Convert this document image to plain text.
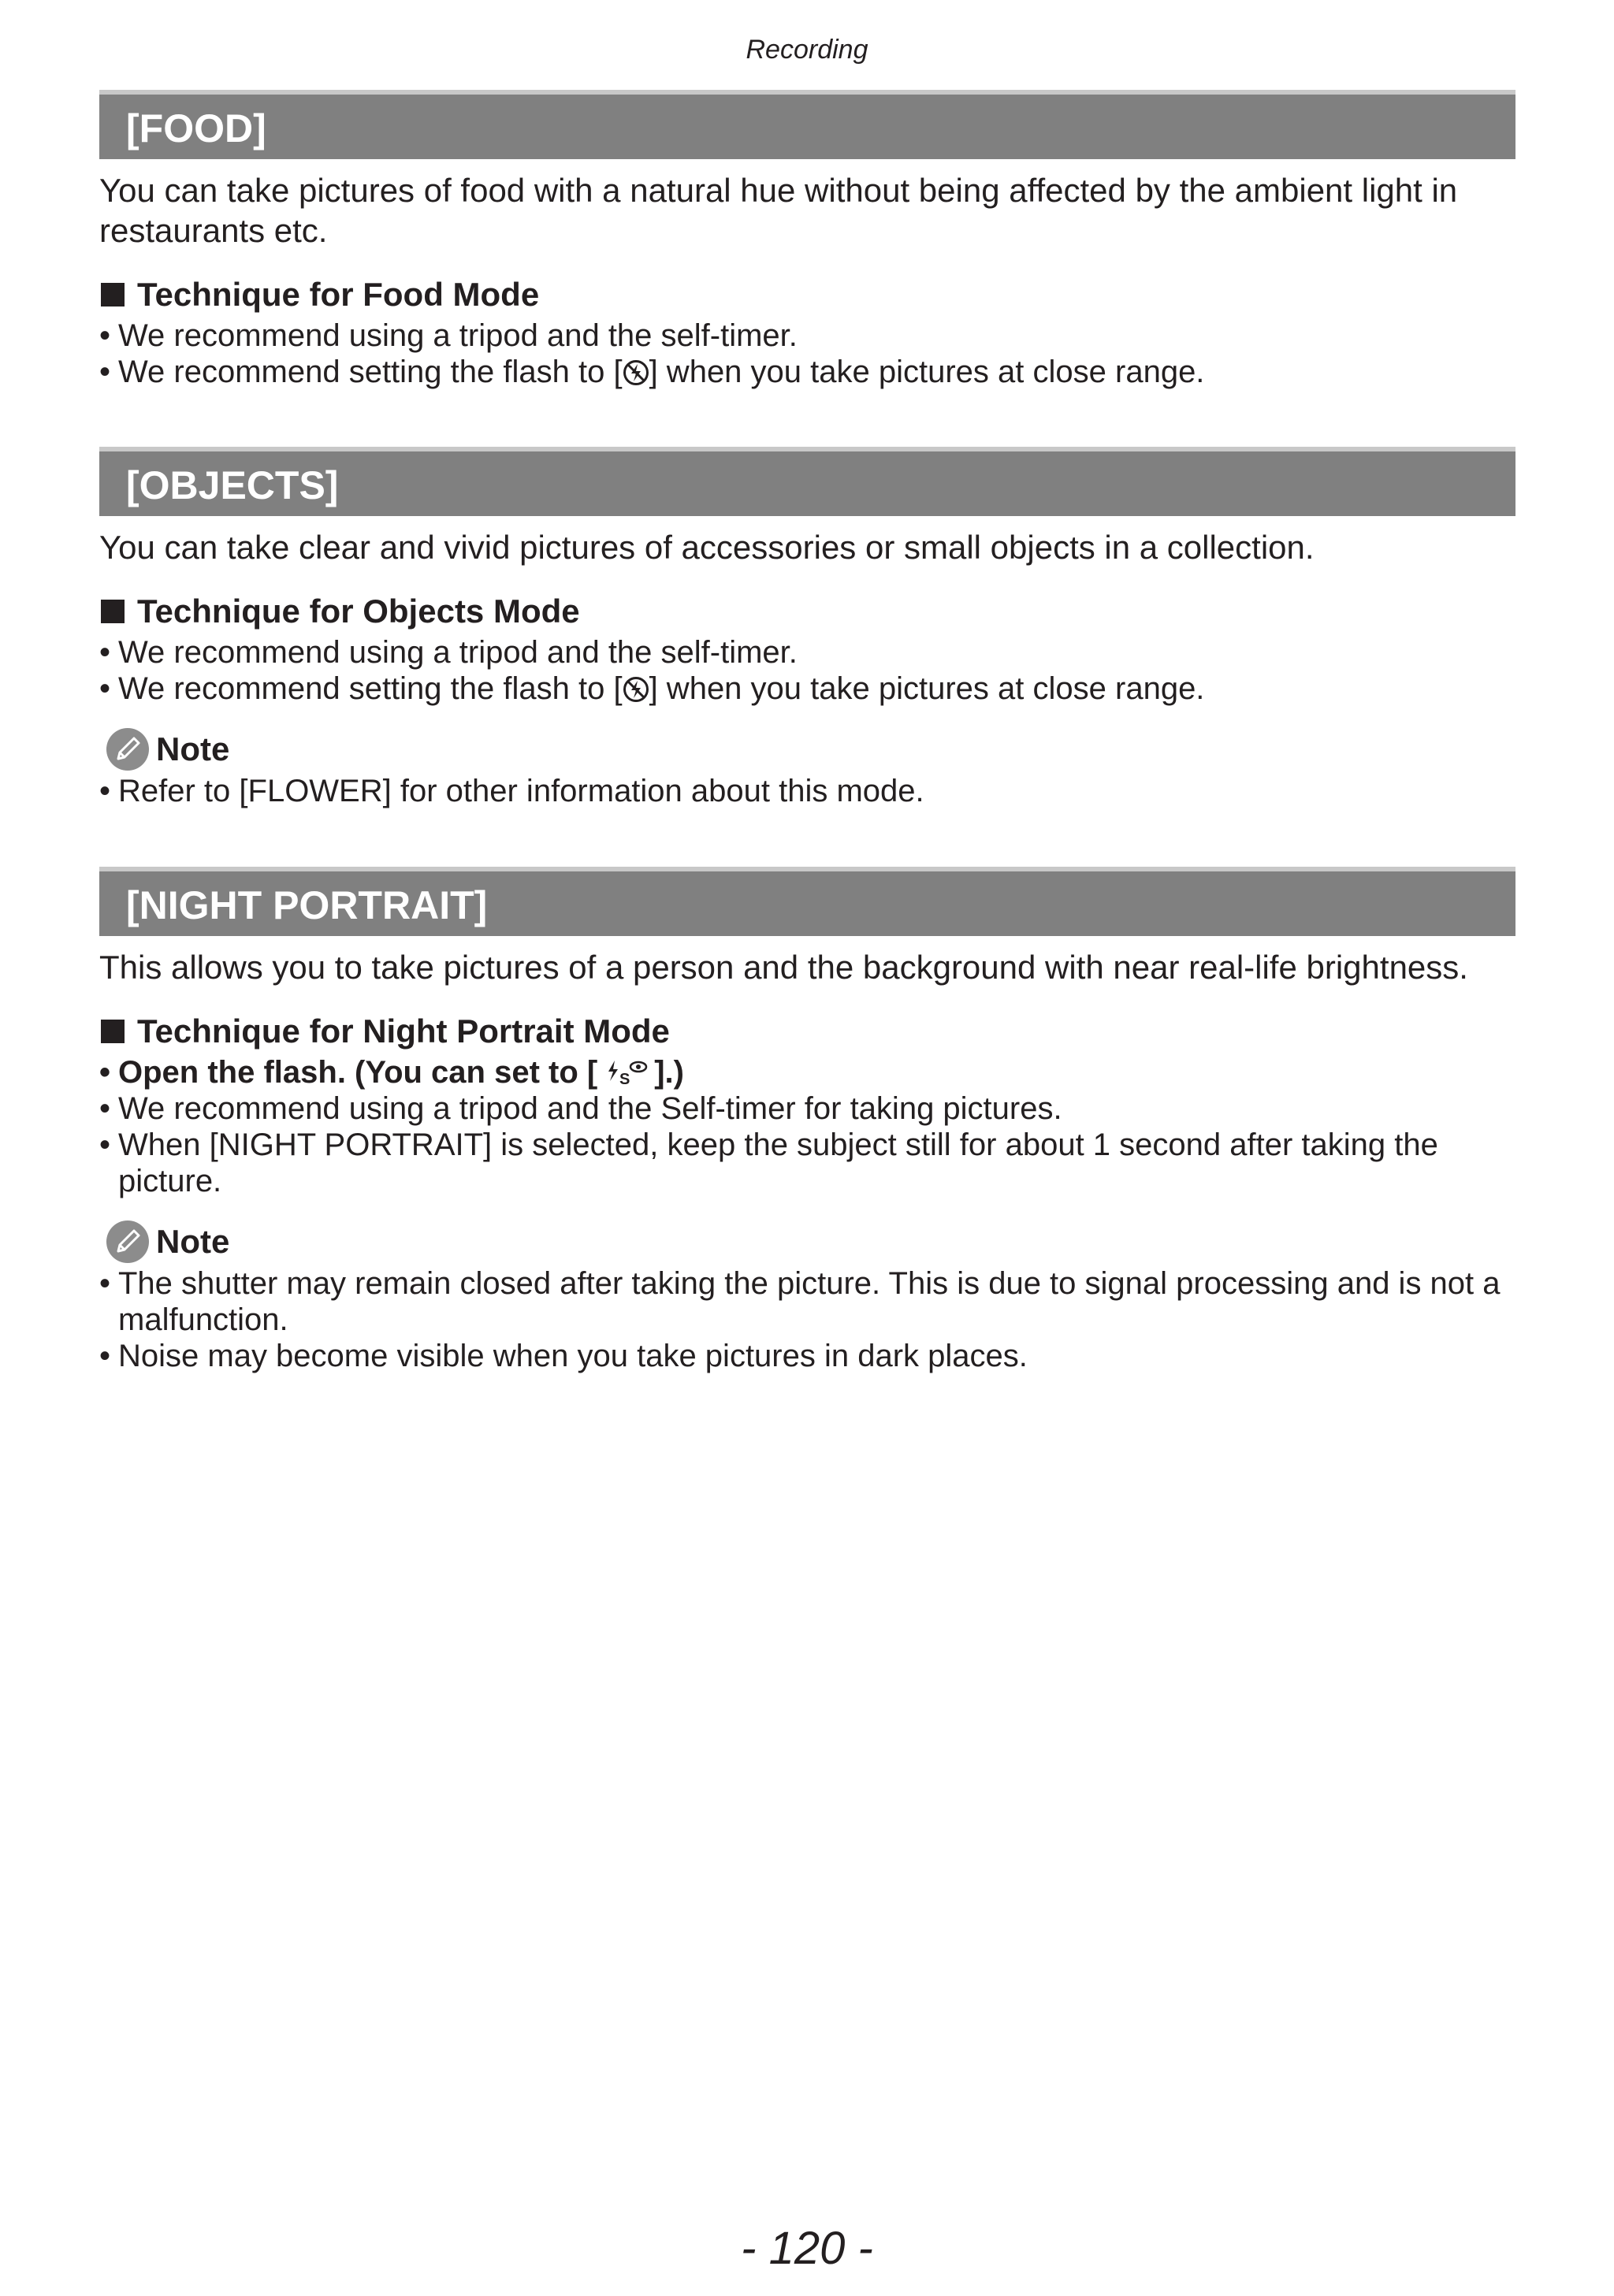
Recording
[FOOD]

You can take pictures of food with a natural hue without being affected by the ambient light in restaurants etc.

Technique for Food Mode
• We recommend using a tripod and the self-timer.
• We recommend setting the flash to [ ] when you take pictures at close range.
[OBJECTS]

You can take clear and vivid pictures of accessories or small objects in a collection.

Technique for Objects Mode
• We recommend using a tripod and the self-timer.
• We recommend setting the flash to [ ] when you take pictures at close range.
Note
• Refer to [FLOWER] for other information about this mode.
[NIGHT PORTRAIT]

This allows you to take pictures of a person and the background with near real-life brightness.

Technique for Night Portrait Mode
• Open the flash. (You can set to [ S ].)
• We recommend using a tripod and the Self-timer for taking pictures.
• When [NIGHT PORTRAIT] is selected, keep the subject still for about 1 second after taking the picture.
Note
• The shutter may remain closed after taking the picture. This is due to signal processing and is not a malfunction.
• Noise may become visible when you take pictures in dark places.
- 120 -
